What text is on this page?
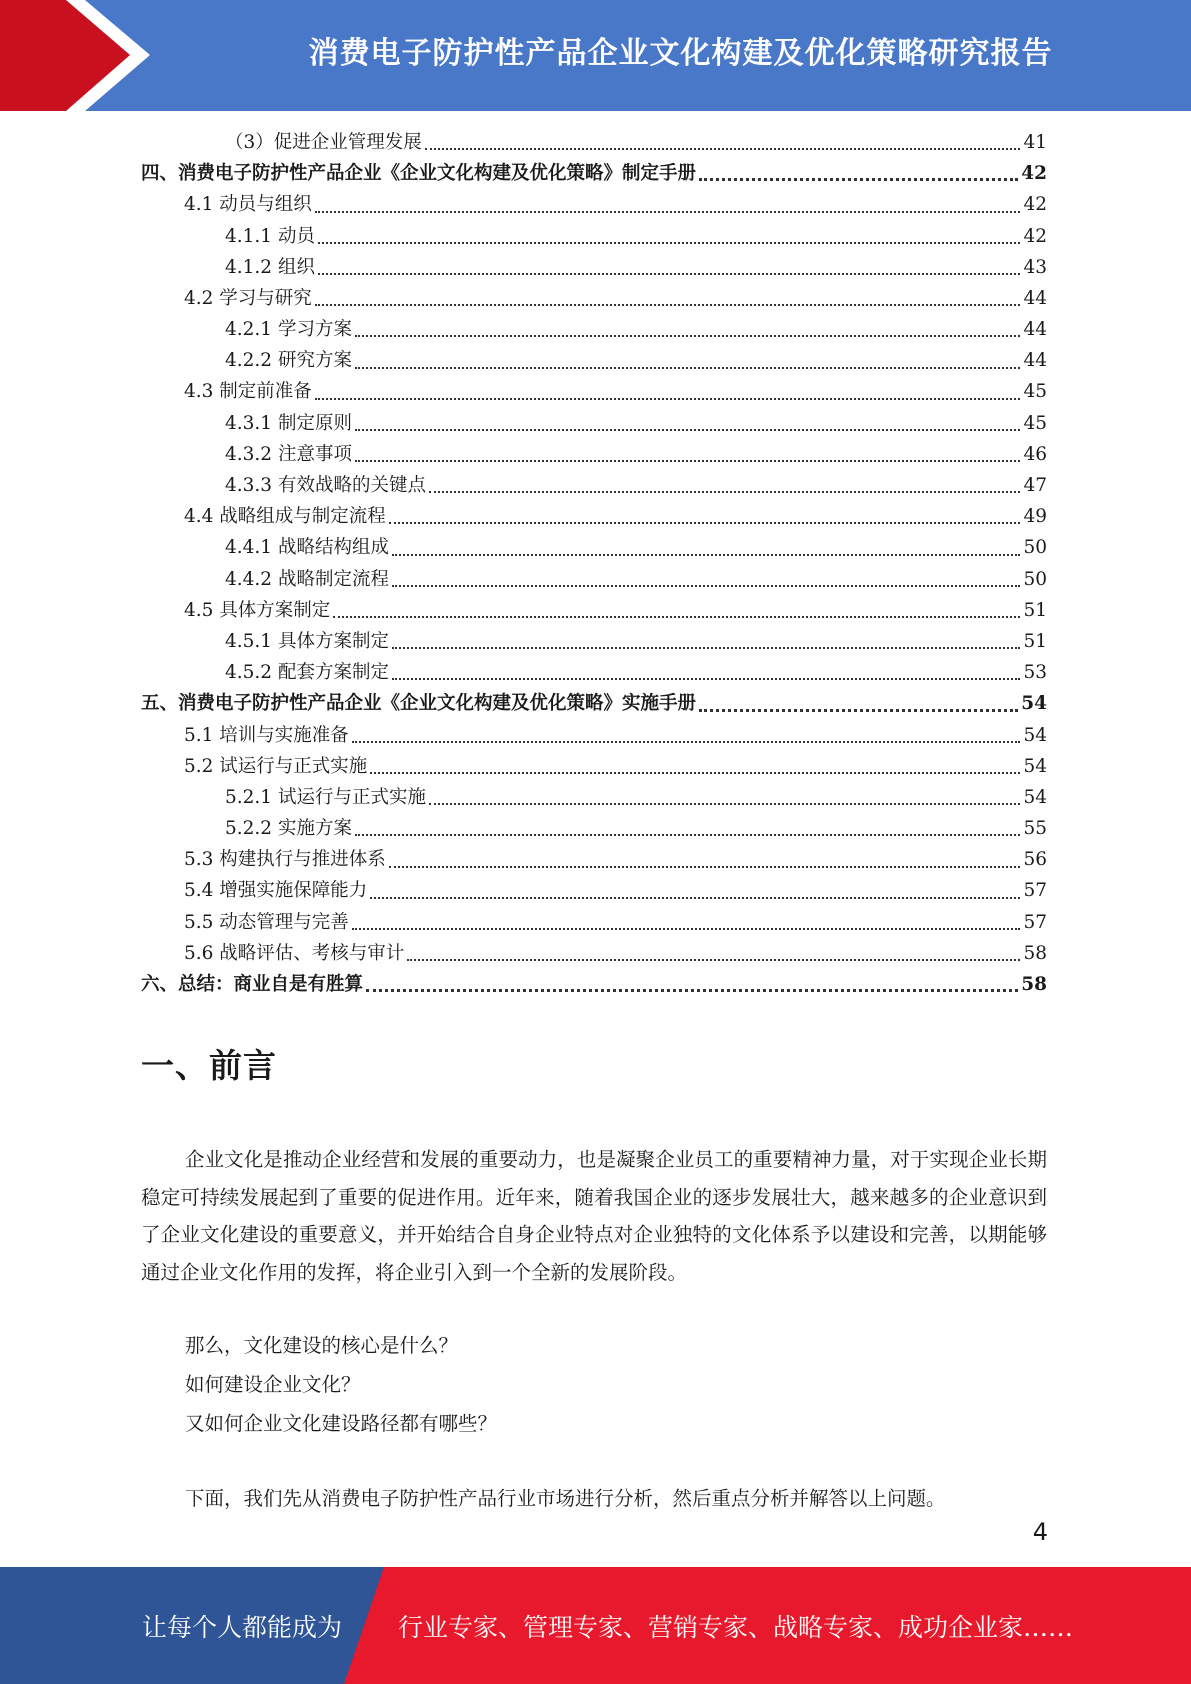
消费电子防护性产品企业文化构建及优化策略研究报告
（3）促进企业管理发展	41
四、消费电子防护性产品企业《企业文化构建及优化策略》制定手册	42
4.1 动员与组织	42
4.1.1 动员	42
4.1.2 组织	43
4.2 学习与研究	44
4.2.1 学习方案	44
4.2.2 研究方案	44
4.3 制定前准备	45
4.3.1 制定原则	45
4.3.2 注意事项	46
4.3.3 有效战略的关键点	47
4.4 战略组成与制定流程	49
4.4.1 战略结构组成	50
4.4.2 战略制定流程	50
4.5 具体方案制定	51
4.5.1 具体方案制定	51
4.5.2 配套方案制定	53
五、消费电子防护性产品企业《企业文化构建及优化策略》实施手册	54
5.1 培训与实施准备	54
5.2 试运行与正式实施	54
5.2.1 试运行与正式实施	54
5.2.2 实施方案	55
5.3 构建执行与推进体系	56
5.4 增强实施保障能力	57
5.5 动态管理与完善	57
5.6 战略评估、考核与审计	58
六、总结：商业自是有胜算	58
一、前言

企业文化是推动企业经营和发展的重要动力，也是凝聚企业员工的重要精神力量，对于实现企业长期稳定可持续发展起到了重要的促进作用。近年来，随着我国企业的逐步发展壮大，越来越多的企业意识到了企业文化建设的重要意义，并开始结合自身企业特点对企业独特的文化体系予以建设和完善，以期能够通过企业文化作用的发挥，将企业引入到一个全新的发展阶段。

那么，文化建设的核心是什么？

如何建设企业文化？

又如何企业文化建设路径都有哪些？

下面，我们先从消费电子防护性产品行业市场进行分析，然后重点分析并解答以上问题。

4
让每个人都能成为 行业专家、管理专家、营销专家、战略专家、成功企业家……
